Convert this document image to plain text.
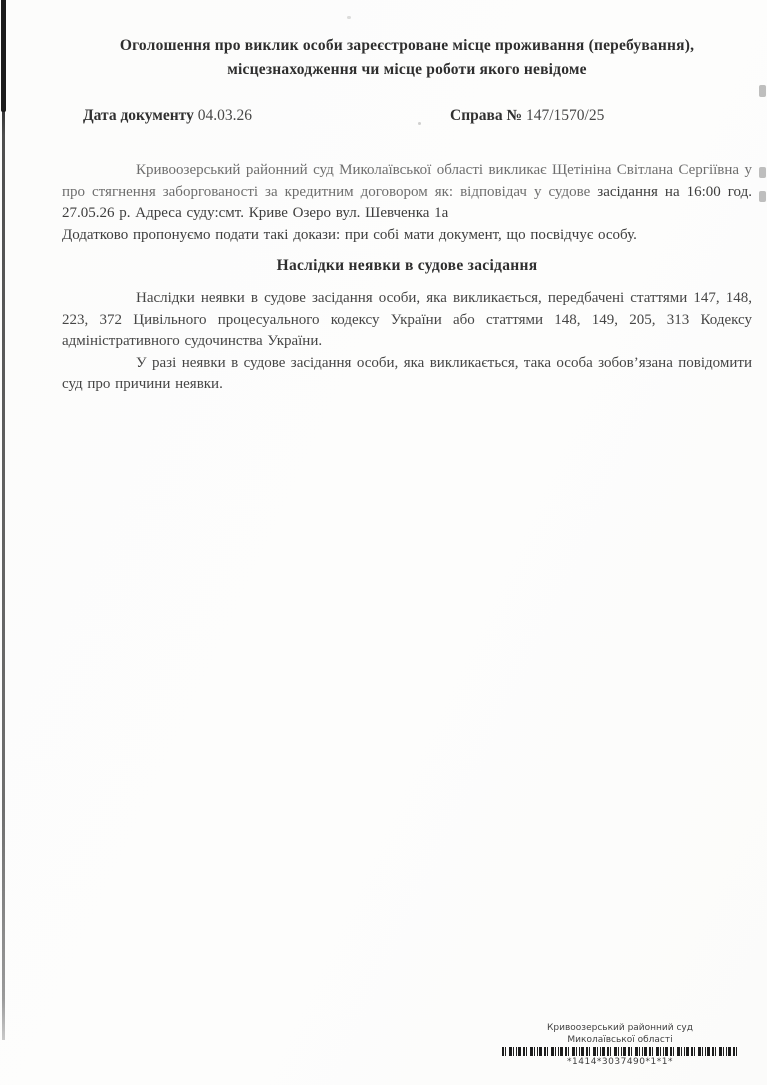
Оголошення про виклик особи зареєстроване місце проживання (перебування), місцезнаходження чи місце роботи якого невідоме
Дата документу 04.03.26	Справа № 147/1570/25

Кривоозерський районний суд Миколаївської області викликає Щетініна Світлана Сергіївна у про стягнення заборгованості за кредитним договором як: відповідач у судове засідання на 16:00 год. 27.05.26 р. Адреса суду:смт. Криве Озеро вул. Шевченка 1а

Додатково пропонуємо подати такі докази: при собі мати документ, що посвідчує особу.

Наслідки неявки в судове засідання

Наслідки неявки в судове засідання особи, яка викликається, передбачені статтями 147, 148, 223, 372 Цивільного процесуального кодексу України або статтями 148, 149, 205, 313 Кодексу адміністративного судочинства України.

У разі неявки в судове засідання особи, яка викликається, така особа зобов’язана повідомити суд про причини неявки.

Кривоозерський районний суд
Миколаївської області
*1414*3037490*1*1*
